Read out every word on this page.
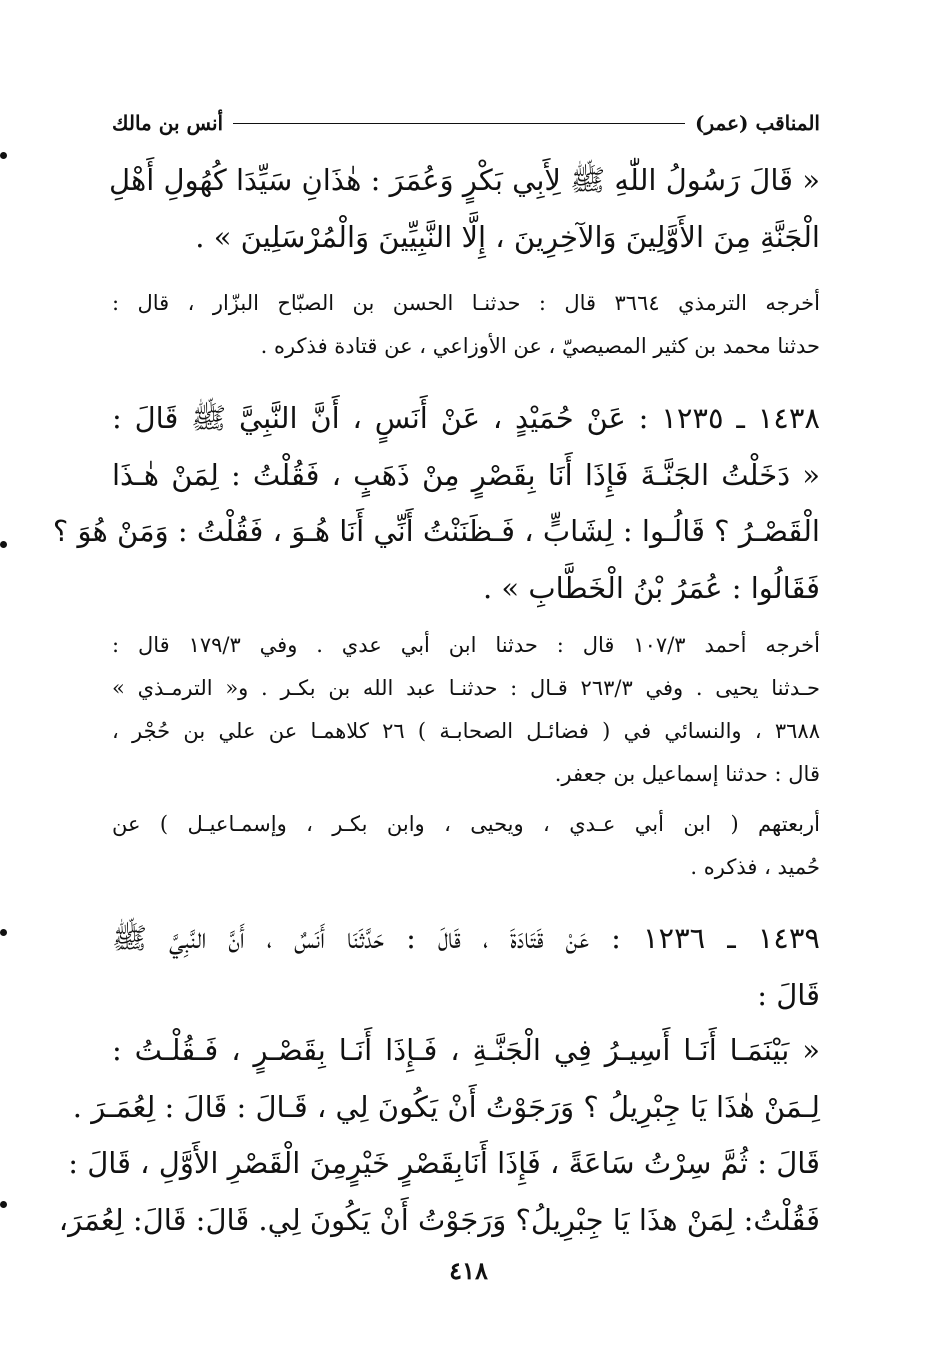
المناقب (عمر)
أنس بن مالك
« قَالَ رَسُولُ اللّٰهِ ﷺ لِأَبِي بَكْرٍ وَعُمَرَ : هٰذَانِ سَيِّدَا كُهُولِ أَهْلِ
الْجَنَّةِ مِنَ الأَوَّلِينَ وَالآخِرِينَ ، إِلَّا النَّبِيِّينَ وَالْمُرْسَلِينَ » .
أخرجه الترمذي ٣٦٦٤ قال : حدثنـا الحسن بن الصبّاح البزّار ، قال :
حدثنا محمد بن كثير المصيصيّ ، عن الأوزاعي ، عن قتادة فذكره .
١٤٣٨ ـ ١٢٣٥ : عَنْ حُمَيْدٍ ، عَنْ أَنَسٍ ، أَنَّ النَّبِيَّ ﷺ قَالَ :
« دَخَلْتُ الجَنَّـةَ فَإِذَا أَنَا بِقَصْرٍ مِنْ ذَهَبٍ ، فَقُلْتُ : لِمَنْ هٰـذَا
الْقَصْـرُ ؟ قَالُـوا : لِشَابٍّ ، فَـظَنَنْتُ أَنِّي أَنَا هُـوَ ، فَقُلْتُ : وَمَنْ هُوَ ؟
فَقَالُوا : عُمَرُ بْنُ الْخَطَّابِ » .
أخرجه أحمد ١٠٧/٣ قال : حدثنا ابن أبي عدي . وفي ١٧٩/٣ قال :
حـدثنا يحيى . وفي ٢٦٣/٣ قـال : حدثنـا عبد الله بن بكـر . و« الترمـذي »
٣٦٨٨ ، والنسائي في ( فضائـل الصحابـة ) ٢٦ كلاهمـا عن علي بن حُجْر ،
قال : حدثنا إسماعيل بن جعفر.
أربعتهم ( ابن أبي عـدي ، ويحيى ، وابن بكـر ، وإسمـاعيـل ) عن
حُميد ، فذكره .
١٤٣٩ ـ ١٢٣٦ : عَنْ قَتَادَةَ ، قَالَ : حَدَّثَنَا أَنَسٌ ، أَنَّ النَّبِيَّ ﷺ
قَالَ :
« بَيْنَمَـا أَنَـا أَسِيـرُ فِي الْجَنَّـةِ ، فَـإِذَا أَنَـا بِقَصْـرٍ ، فَـقُلْـتُ :
لِـمَنْ هٰذَا يَا جِبْرِيلُ ؟ وَرَجَوْتُ أَنْ يَكُونَ لِي ، قَـالَ : قَالَ : لِعُمَـرَ .
قَالَ : ثُمَّ سِرْتُ سَاعَةً ، فَإِذَا أَنَابِقَصْرٍ خَيْرٍمِنَ الْقَصْرِ الأَوَّلِ ، قَالَ :
فَقُلْتُ: لِمَنْ هذَا يَا جِبْرِيلُ؟ وَرَجَوْتُ أَنْ يَكُونَ لِي. قَالَ: قَالَ: لِعُمَرَ،
٤١٨
